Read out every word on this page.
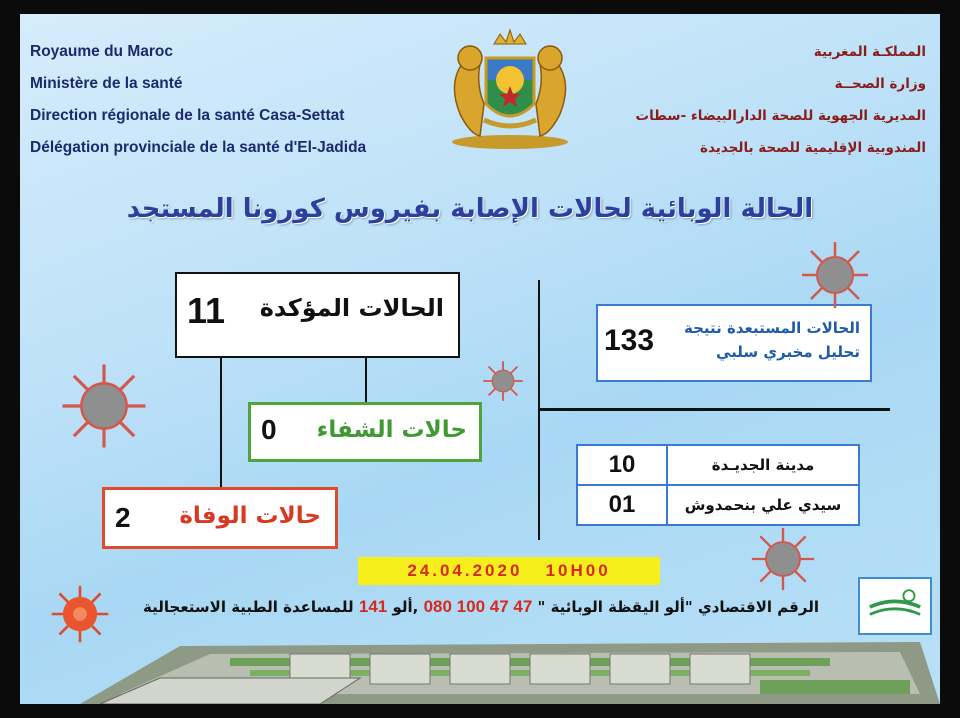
Royaume du Maroc
Ministère de la santé
Direction régionale de la santé Casa-Settat
Délégation provinciale de la santé d'El-Jadida
المملكـة المغربية
وزارة الصحــة
المديرية الجهوية للصحة الدارالبيضاء -سطات
المندوبية الإقليمية للصحة بالجديدة
الحالة الوبائية لحالات الإصابة بفيروس كورونا المستجد
الحالات المؤكدة
11
حالات الشفاء
0
حالات الوفاة
2
الحالات المستبعدة نتيجة تحليل مخبري سلبي
133
10	مدينة الجديـدة
01	سيدي علي بنحمدوش
24.04.2020   10H00
الرقم الاقتصادي "ألو اليقظة الوبائية " 080 100 47 47 ,ألو 141 للمساعدة الطبية الاستعجالية
